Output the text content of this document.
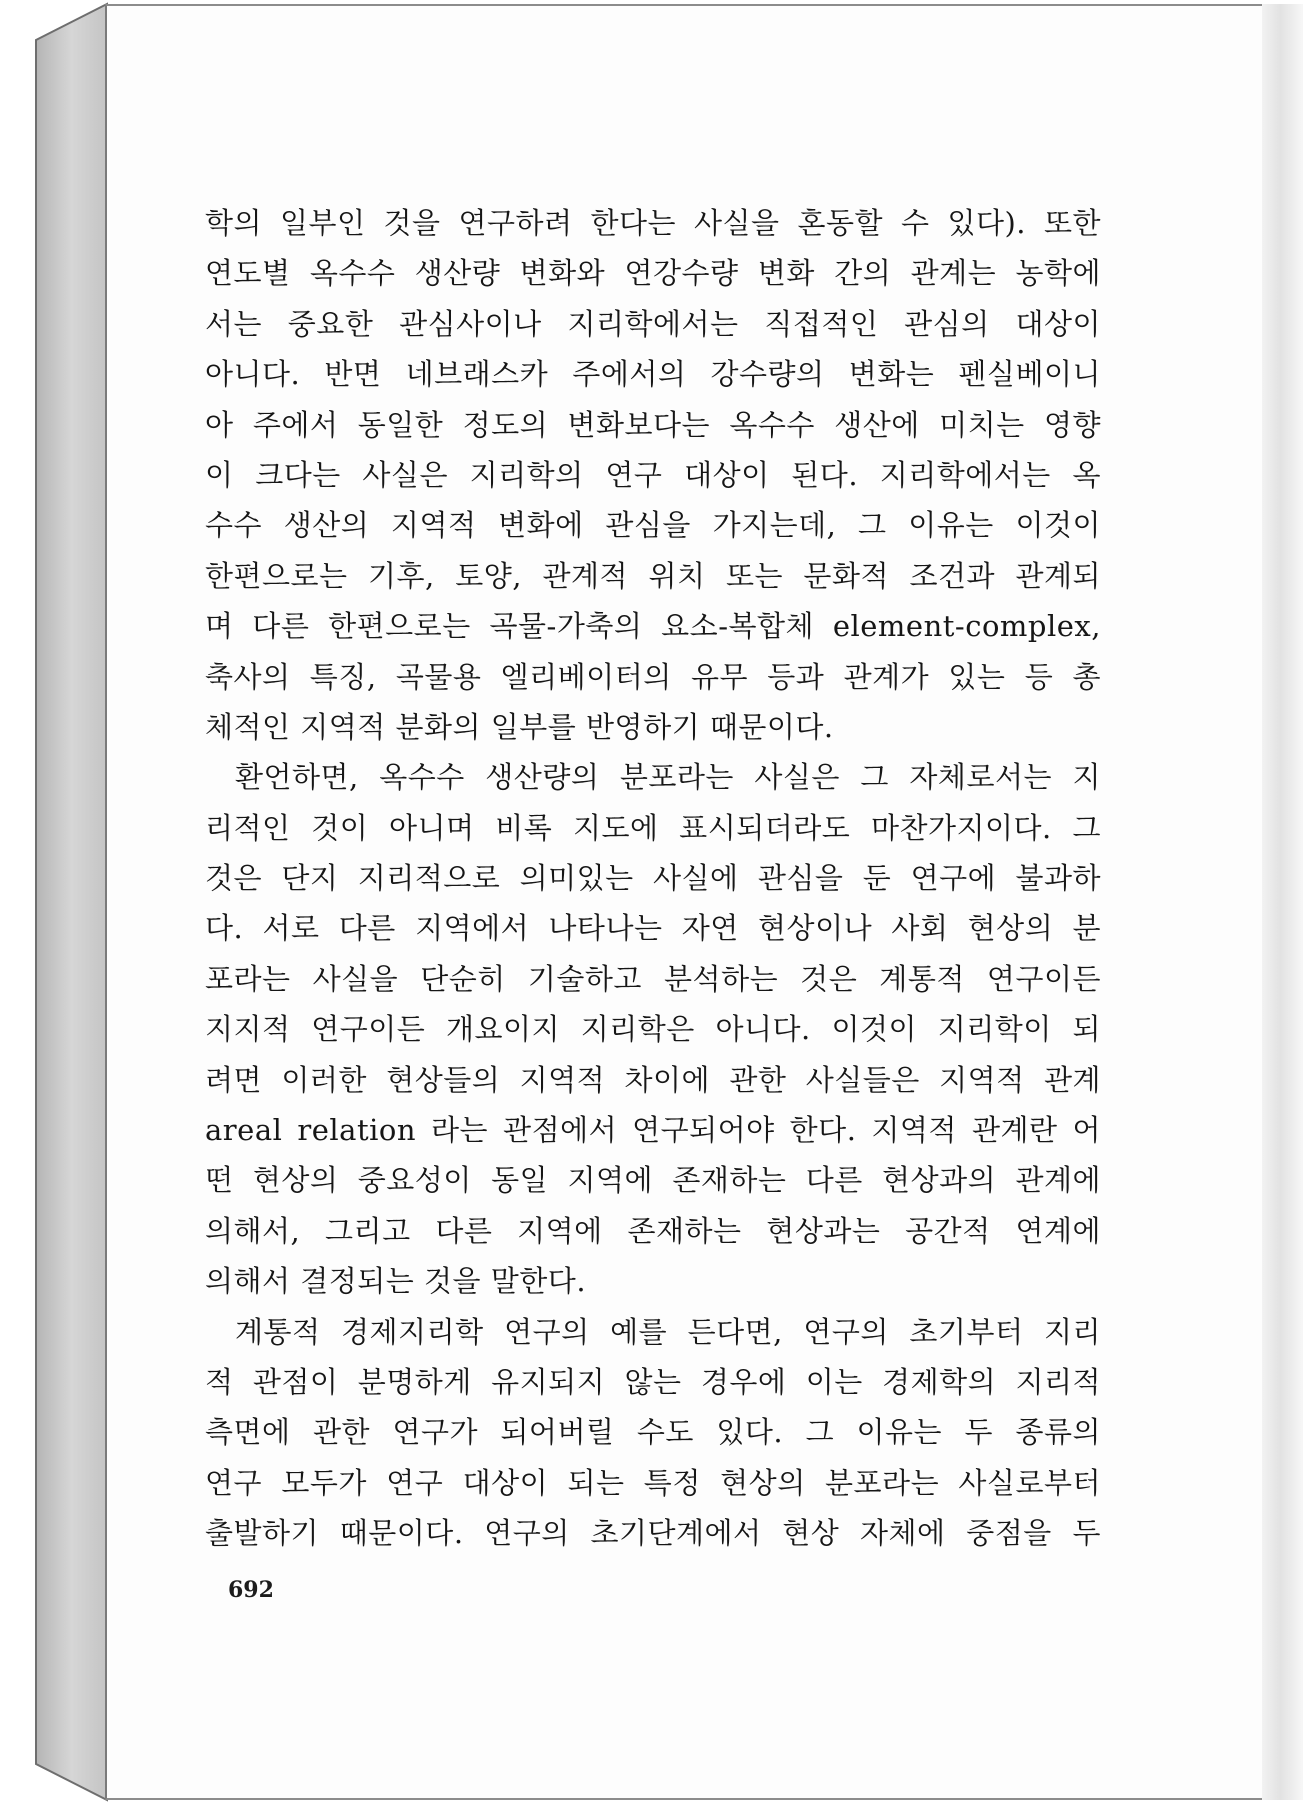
학의 일부인 것을 연구하려 한다는 사실을 혼동할 수 있다). 또한
연도별 옥수수 생산량 변화와 연강수량 변화 간의 관계는 농학에
서는 중요한 관심사이나 지리학에서는 직접적인 관심의 대상이
아니다. 반면 네브래스카 주에서의 강수량의 변화는 펜실베이니
아 주에서 동일한 정도의 변화보다는 옥수수 생산에 미치는 영향
이 크다는 사실은 지리학의 연구 대상이 된다. 지리학에서는 옥
수수 생산의 지역적 변화에 관심을 가지는데, 그 이유는 이것이
한편으로는 기후, 토양, 관계적 위치 또는 문화적 조건과 관계되
며 다른 한편으로는 곡물-가축의 요소-복합체 element-complex,
축사의 특징, 곡물용 엘리베이터의 유무 등과 관계가 있는 등 총
체적인 지역적 분화의 일부를 반영하기 때문이다.
환언하면, 옥수수 생산량의 분포라는 사실은 그 자체로서는 지
리적인 것이 아니며 비록 지도에 표시되더라도 마찬가지이다. 그
것은 단지 지리적으로 의미있는 사실에 관심을 둔 연구에 불과하
다. 서로 다른 지역에서 나타나는 자연 현상이나 사회 현상의 분
포라는 사실을 단순히 기술하고 분석하는 것은 계통적 연구이든
지지적 연구이든 개요이지 지리학은 아니다. 이것이 지리학이 되
려면 이러한 현상들의 지역적 차이에 관한 사실들은 지역적 관계
areal relation 라는 관점에서 연구되어야 한다. 지역적 관계란 어
떤 현상의 중요성이 동일 지역에 존재하는 다른 현상과의 관계에
의해서, 그리고 다른 지역에 존재하는 현상과는 공간적 연계에
의해서 결정되는 것을 말한다.
계통적 경제지리학 연구의 예를 든다면, 연구의 초기부터 지리
적 관점이 분명하게 유지되지 않는 경우에 이는 경제학의 지리적
측면에 관한 연구가 되어버릴 수도 있다. 그 이유는 두 종류의
연구 모두가 연구 대상이 되는 특정 현상의 분포라는 사실로부터
출발하기 때문이다. 연구의 초기단계에서 현상 자체에 중점을 두
692
